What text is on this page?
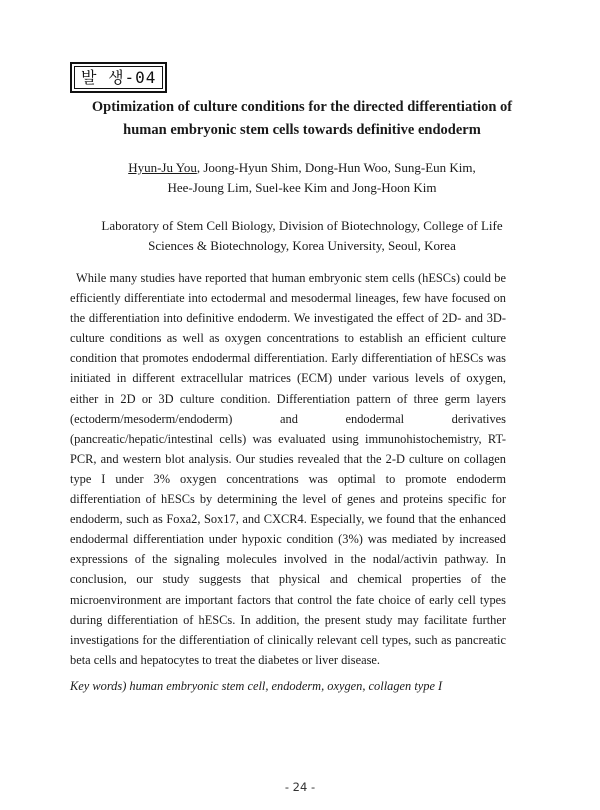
발 생-04
Optimization of culture conditions for the directed differentiation of
human embryonic stem cells towards definitive endoderm

Hyun-Ju You, Joong-Hyun Shim, Dong-Hun Woo, Sung-Eun Kim,
Hee-Joung Lim, Suel-kee Kim and Jong-Hoon Kim

Laboratory of Stem Cell Biology, Division of Biotechnology, College of Life
Sciences & Biotechnology, Korea University, Seoul, Korea

While many studies have reported that human embryonic stem cells (hESCs) could be efficiently differentiate into ectodermal and mesodermal lineages, few have focused on the differentiation into definitive endoderm. We investigated the effect of 2D- and 3D-culture conditions as well as oxygen concentrations to establish an efficient culture condition that promotes endodermal differentiation. Early differentiation of hESCs was initiated in different extracellular matrices (ECM) under various levels of oxygen, either in 2D or 3D culture condition. Differentiation pattern of three germ layers (ectoderm/mesoderm/endoderm) and endodermal derivatives (pancreatic/hepatic/intestinal cells) was evaluated using immunohistochemistry, RT-PCR, and western blot analysis. Our studies revealed that the 2-D culture on collagen type I under 3% oxygen concentrations was optimal to promote endoderm differentiation of hESCs by determining the level of genes and proteins specific for endoderm, such as Foxa2, Sox17, and CXCR4. Especially, we found that the enhanced endodermal differentiation under hypoxic condition (3%) was mediated by increased expressions of the signaling molecules involved in the nodal/activin pathway. In conclusion, our study suggests that physical and chemical properties of the microenvironment are important factors that control the fate choice of early cell types during differentiation of hESCs. In addition, the present study may facilitate further investigations for the differentiation of clinically relevant cell types, such as pancreatic beta cells and hepatocytes to treat the diabetes or liver disease.

Key words) human embryonic stem cell, endoderm, oxygen, collagen type I

- 24 -
